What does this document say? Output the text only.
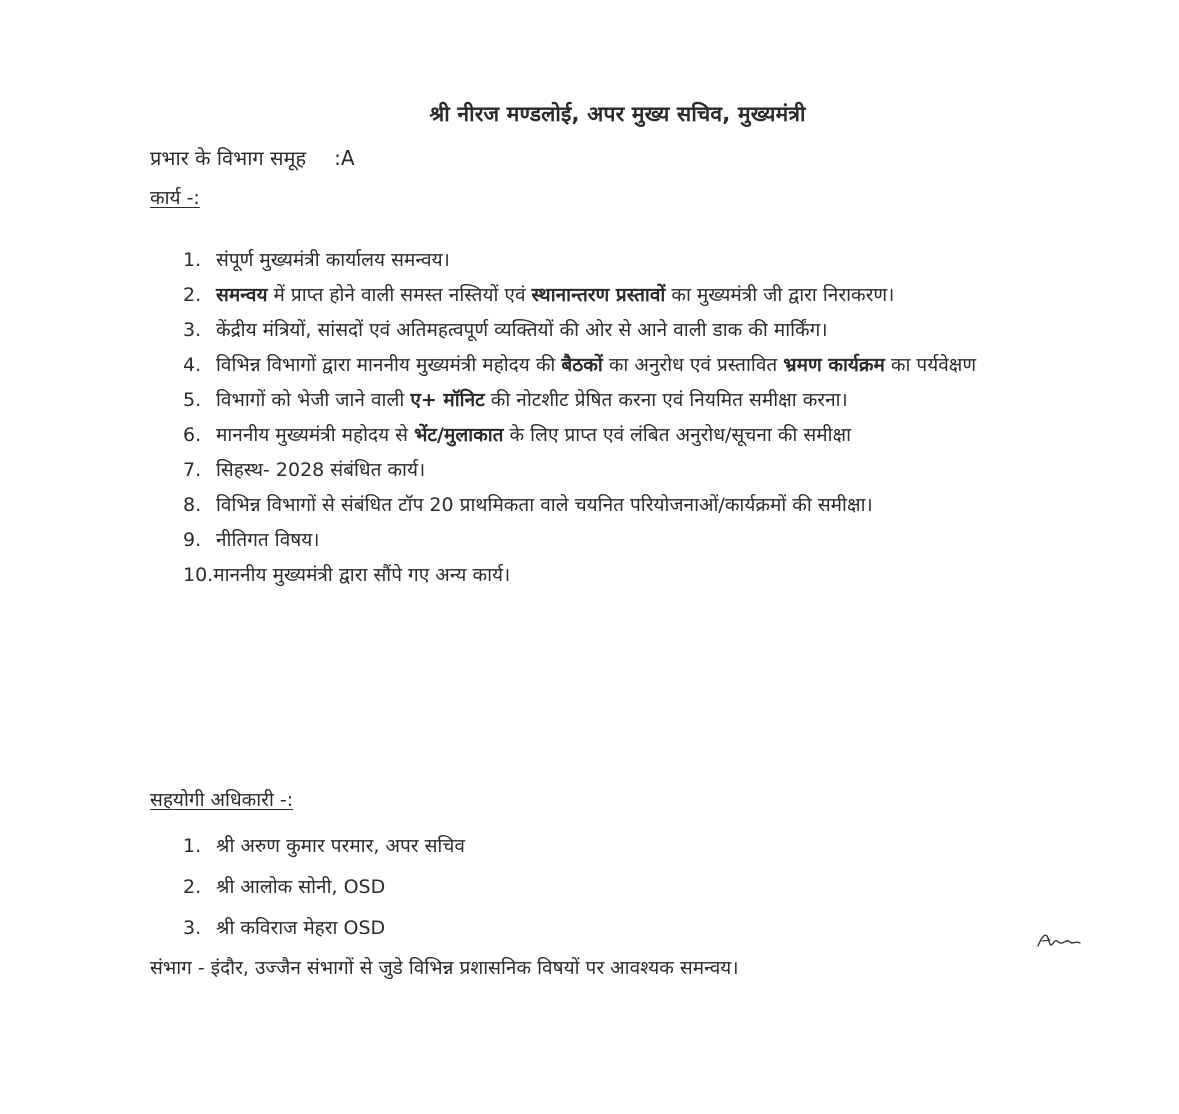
श्री नीरज मण्डलोई, अपर मुख्य सचिव, मुख्यमंत्री
प्रभार के विभाग समूह :A
कार्य -:
1. संपूर्ण मुख्यमंत्री कार्यालय समन्वय।
2. समन्वय में प्राप्त होने वाली समस्त नस्तियों एवं स्थानान्तरण प्रस्तावों का मुख्यमंत्री जी द्वारा निराकरण।
3. केंद्रीय मंत्रियों, सांसदों एवं अतिमहत्वपूर्ण व्यक्तियों की ओर से आने वाली डाक की मार्किंग।
4. विभिन्न विभागों द्वारा माननीय मुख्यमंत्री महोदय की बैठकों का अनुरोध एवं प्रस्तावित भ्रमण कार्यक्रम का पर्यवेक्षण
5. विभागों को भेजी जाने वाली ए+ मॉनिट की नोटशीट प्रेषित करना एवं नियमित समीक्षा करना।
6. माननीय मुख्यमंत्री महोदय से भेंट/मुलाकात के लिए प्राप्त एवं लंबित अनुरोध/सूचना की समीक्षा
7. सिहस्थ- 2028 संबंधित कार्य।
8. विभिन्न विभागों से संबंधित टॉप 20 प्राथमिकता वाले चयनित परियोजनाओं/कार्यक्रमों की समीक्षा।
9. नीतिगत विषय।
10.माननीय मुख्यमंत्री द्वारा सौंपे गए अन्य कार्य।
सहयोगी अधिकारी -:
1. श्री अरुण कुमार परमार, अपर सचिव
2. श्री आलोक सोनी, OSD
3. श्री कविराज मेहरा OSD
संभाग - इंदौर, उज्जैन संभागों से जुडे विभिन्न प्रशासनिक विषयों पर आवश्यक समन्वय।
